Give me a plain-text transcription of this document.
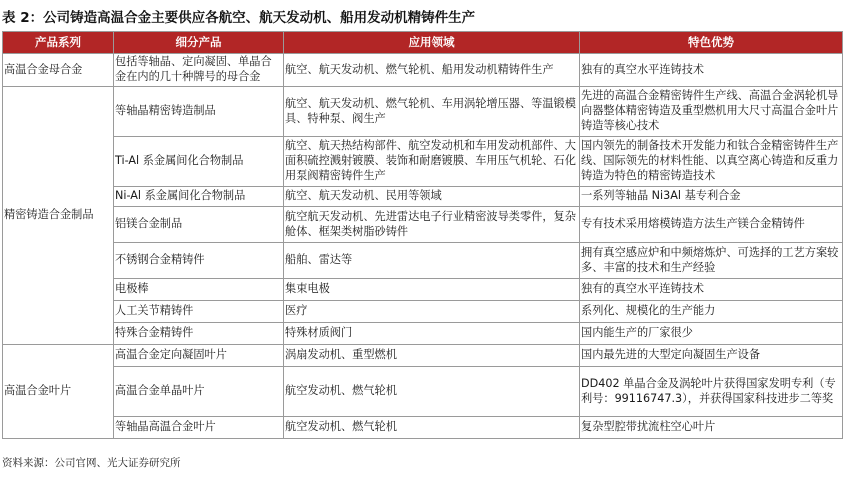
表 2：公司铸造高温合金主要供应各航空、航天发动机、船用发动机精铸件生产
产品系列	细分产品	应用领域	特色优势
高温合金母合金	包括等轴晶、定向凝固、单晶合金在内的几十种牌号的母合金	航空、航天发动机、燃气轮机、船用发动机精铸件生产	独有的真空水平连铸技术
精密铸造合金制品	等轴晶精密铸造制品	航空、航天发动机、燃气轮机、车用涡轮增压器、等温锻模具、特种泵、阀生产	先进的高温合金精密铸件生产线、高温合金涡轮机导向器整体精密铸造及重型燃机用大尺寸高温合金叶片铸造等核心技术
	Ti-Al 系金属间化合物制品	航空、航天热结构部件、航空发动机和车用发动机部件、大面积硫控溅射镀膜、装饰和耐磨镀膜、车用压气机轮、石化用泵阀精密铸件生产	国内领先的制备技术开发能力和钛合金精密铸件生产线、国际领先的材料性能、以真空离心铸造和反重力铸造为特色的精密铸造技术
	Ni-Al 系金属间化合物制品	航空、航天发动机、民用等领域	一系列等轴晶 Ni3Al 基专利合金
	铝镁合金制品	航空航天发动机、先进雷达电子行业精密波导类零件，复杂舱体、框架类树脂砂铸件	专有技术采用熔模铸造方法生产镁合金精铸件
	不锈钢合金精铸件	船舶、雷达等	拥有真空感应炉和中频熔炼炉、可选择的工艺方案较多、丰富的技术和生产经验
	电极棒	集束电极	独有的真空水平连铸技术
	人工关节精铸件	医疗	系列化、规模化的生产能力
	特殊合金精铸件	特殊材质阀门	国内能生产的厂家很少
高温合金叶片	高温合金定向凝固叶片	涡扇发动机、重型燃机	国内最先进的大型定向凝固生产设备
	高温合金单晶叶片	航空发动机、燃气轮机	DD402 单晶合金及涡轮叶片获得国家发明专利（专利号：99116747.3），并获得国家科技进步二等奖
	等轴晶高温合金叶片	航空发动机、燃气轮机	复杂型腔带扰流柱空心叶片
资料来源：公司官网、光大证券研究所
